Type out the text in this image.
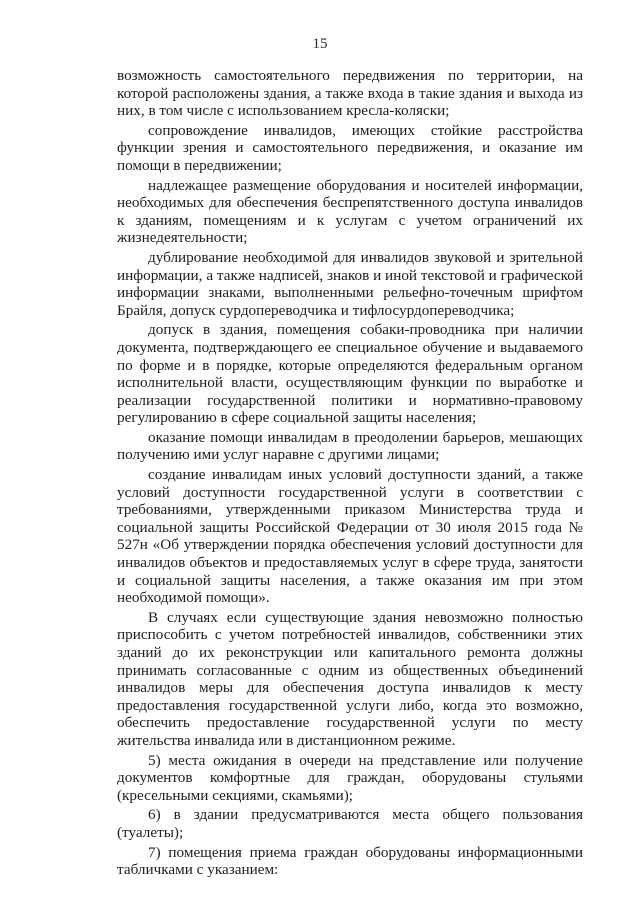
15

возможность самостоятельного передвижения по территории, на которой расположены здания, а также входа в такие здания и выхода из них, в том числе с использованием кресла-коляски;

сопровождение инвалидов, имеющих стойкие расстройства функции зрения и самостоятельного передвижения, и оказание им помощи в передвижении;

надлежащее размещение оборудования и носителей информации, необходимых для обеспечения беспрепятственного доступа инвалидов к зданиям, помещениям и к услугам с учетом ограничений их жизнедеятельности;

дублирование необходимой для инвалидов звуковой и зрительной информации, а также надписей, знаков и иной текстовой и графической информации знаками, выполненными рельефно-точечным шрифтом Брайля, допуск сурдопереводчика и тифлосурдопереводчика;

допуск в здания, помещения собаки-проводника при наличии документа, подтверждающего ее специальное обучение и выдаваемого по форме и в порядке, которые определяются федеральным органом исполнительной власти, осуществляющим функции по выработке и реализации государственной политики и нормативно-правовому регулированию в сфере социальной защиты населения;

оказание помощи инвалидам в преодолении барьеров, мешающих получению ими услуг наравне с другими лицами;

создание инвалидам иных условий доступности зданий, а также условий доступности государственной услуги в соответствии с требованиями, утвержденными приказом Министерства труда и социальной защиты Российской Федерации от 30 июля 2015 года № 527н «Об утверждении порядка обеспечения условий доступности для инвалидов объектов и предоставляемых услуг в сфере труда, занятости и социальной защиты населения, а также оказания им при этом необходимой помощи».

В случаях если существующие здания невозможно полностью приспособить с учетом потребностей инвалидов, собственники этих зданий до их реконструкции или капитального ремонта должны принимать согласованные с одним из общественных объединений инвалидов меры для обеспечения доступа инвалидов к месту предоставления государственной услуги либо, когда это возможно, обеспечить предоставление государственной услуги по месту жительства инвалида или в дистанционном режиме.

5) места ожидания в очереди на представление или получение документов комфортные для граждан, оборудованы стульями (кресельными секциями, скамьями);

6) в здании предусматриваются места общего пользования (туалеты);

7) помещения приема граждан оборудованы информационными табличками с указанием:
